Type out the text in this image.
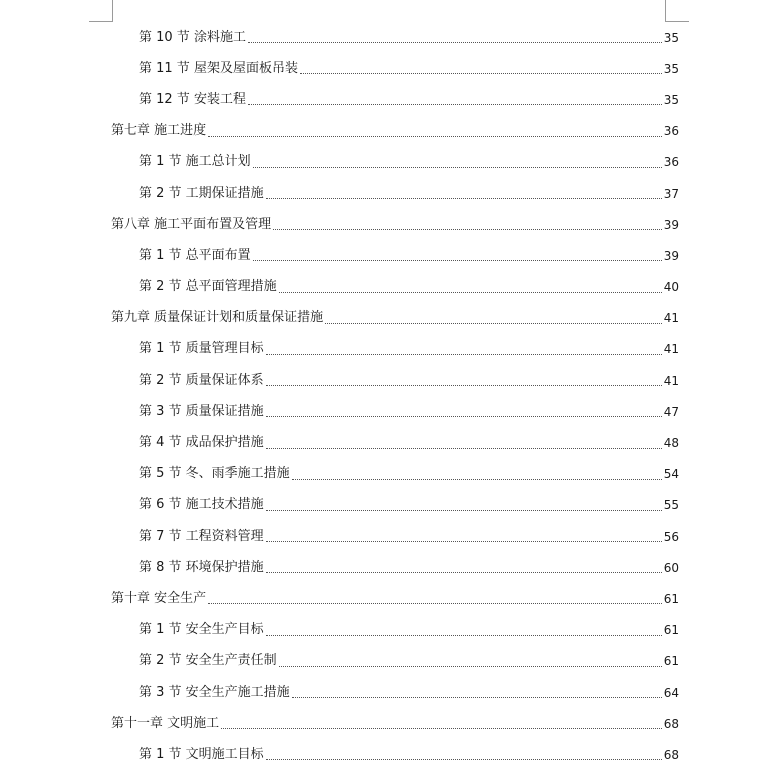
第 10 节 涂料施工	35
第 11 节 屋架及屋面板吊装	35
第 12 节 安装工程	35
第七章 施工进度	36
第 1 节 施工总计划	36
第 2 节 工期保证措施	37
第八章 施工平面布置及管理	39
第 1 节 总平面布置	39
第 2 节 总平面管理措施	40
第九章 质量保证计划和质量保证措施	41
第 1 节 质量管理目标	41
第 2 节 质量保证体系	41
第 3 节 质量保证措施	47
第 4 节 成品保护措施	48
第 5 节 冬、雨季施工措施	54
第 6 节 施工技术措施	55
第 7 节 工程资料管理	56
第 8 节 环境保护措施	60
第十章 安全生产	61
第 1 节 安全生产目标	61
第 2 节 安全生产责任制	61
第 3 节 安全生产施工措施	64
第十一章 文明施工	68
第 1 节 文明施工目标	68
